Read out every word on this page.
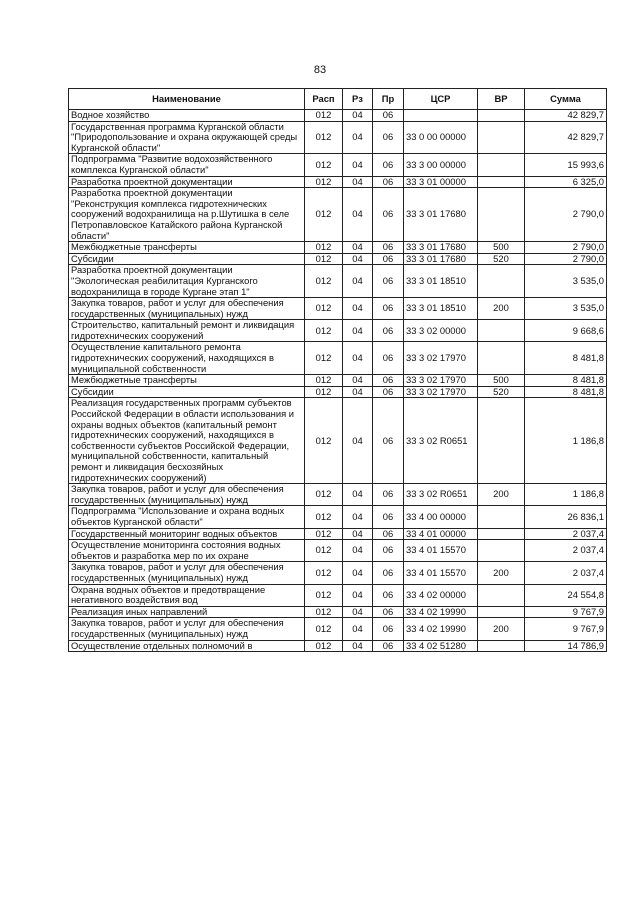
83
Наименование	Расп	Рз	Пр	ЦСР	ВР	Сумма
Водное хозяйство	012	04	06			42 829,7
Государственная программа Курганской области "Природопользование и охрана окружающей среды Курганской области"	012	04	06	33 0 00 00000		42 829,7
Подпрограмма "Развитие водохозяйственного комплекса Курганской области"	012	04	06	33 3 00 00000		15 993,6
Разработка проектной документации	012	04	06	33 3 01 00000		6 325,0
Разработка проектной документации "Реконструкция комплекса гидротехнических сооружений водохранилища на р.Шутишка в селе Петропавловское Катайского района Курганской области"	012	04	06	33 3 01 17680		2 790,0
Межбюджетные трансферты	012	04	06	33 3 01 17680	500	2 790,0
Субсидии	012	04	06	33 3 01 17680	520	2 790,0
Разработка проектной документации "Экологическая реабилитация Курганского водохранилища в городе Кургане этап 1"	012	04	06	33 3 01 18510		3 535,0
Закупка товаров, работ и услуг для обеспечения государственных (муниципальных) нужд	012	04	06	33 3 01 18510	200	3 535,0
Строительство, капитальный ремонт и ликвидация гидротехнических сооружений	012	04	06	33 3 02 00000		9 668,6
Осуществление капитального ремонта гидротехнических сооружений, находящихся в муниципальной собственности	012	04	06	33 3 02 17970		8 481,8
Межбюджетные трансферты	012	04	06	33 3 02 17970	500	8 481,8
Субсидии	012	04	06	33 3 02 17970	520	8 481,8
Реализация государственных программ субъектов Российской Федерации в области использования и охраны водных объектов (капитальный ремонт гидротехнических сооружений, находящихся в собственности субъектов Российской Федерации, муниципальной собственности, капитальный ремонт и ликвидация бесхозяйных гидротехнических сооружений)	012	04	06	33 3 02 R0651		1 186,8
Закупка товаров, работ и услуг для обеспечения государственных (муниципальных) нужд	012	04	06	33 3 02 R0651	200	1 186,8
Подпрограмма "Использование и охрана водных объектов Курганской области"	012	04	06	33 4 00 00000		26 836,1
Государственный мониторинг водных объектов	012	04	06	33 4 01 00000		2 037,4
Осуществление мониторинга состояния водных объектов и разработка мер по их охране	012	04	06	33 4 01 15570		2 037,4
Закупка товаров, работ и услуг для обеспечения государственных (муниципальных) нужд	012	04	06	33 4 01 15570	200	2 037,4
Охрана водных объектов и предотвращение негативного воздействия вод	012	04	06	33 4 02 00000		24 554,8
Реализация иных направлений	012	04	06	33 4 02 19990		9 767,9
Закупка товаров, работ и услуг для обеспечения государственных (муниципальных) нужд	012	04	06	33 4 02 19990	200	9 767,9
Осуществление отдельных полномочий в	012	04	06	33 4 02 51280		14 786,9
